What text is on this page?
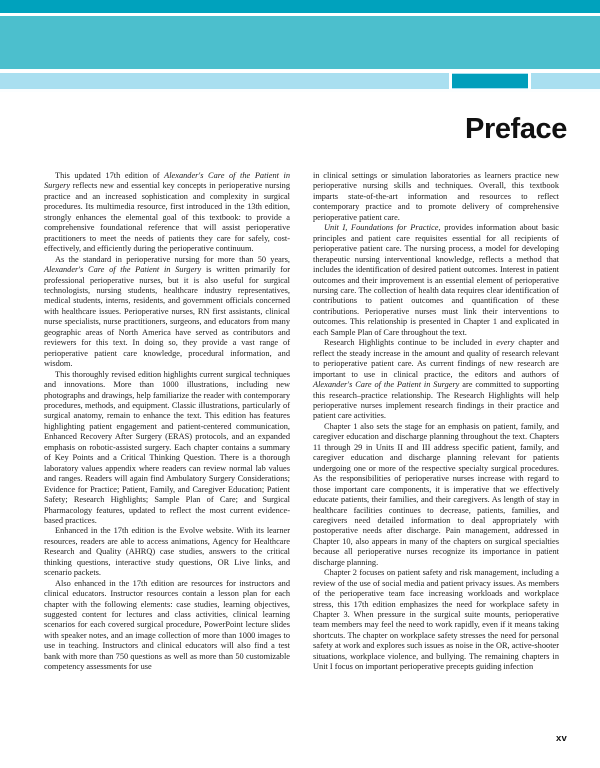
Preface

This updated 17th edition of Alexander's Care of the Patient in Surgery reflects new and essential key concepts in perioperative nursing practice and an increased sophistication and complexity in surgical procedures. Its multimedia resource, first introduced in the 13th edition, strongly enhances the elemental goal of this textbook: to provide a comprehensive foundational reference that will assist perioperative practitioners to meet the needs of patients they care for safely, cost-effectively, and efficiently during the perioperative continuum.

As the standard in perioperative nursing for more than 50 years, Alexander's Care of the Patient in Surgery is written primarily for professional perioperative nurses, but it is also useful for surgical technologists, nursing students, healthcare industry representatives, medical students, interns, residents, and government officials concerned with healthcare issues. Perioperative nurses, RN first assistants, clinical nurse specialists, nurse practitioners, surgeons, and educators from many geographic areas of North America have served as contributors and reviewers for this text. In doing so, they provide a vast range of perioperative patient care knowledge, procedural information, and wisdom.

This thoroughly revised edition highlights current surgical techniques and innovations. More than 1000 illustrations, including new photographs and drawings, help familiarize the reader with contemporary procedures, methods, and equipment. Classic illustrations, particularly of surgical anatomy, remain to enhance the text. This edition has features highlighting patient engagement and patient-centered communication, Enhanced Recovery After Surgery (ERAS) protocols, and an expanded emphasis on robotic-assisted surgery. Each chapter contains a summary of Key Points and a Critical Thinking Question. There is a thorough laboratory values appendix where readers can review normal lab values and ranges. Readers will again find Ambulatory Surgery Considerations; Evidence for Practice; Patient, Family, and Caregiver Education; Patient Safety; Research Highlights; Sample Plan of Care; and Surgical Pharmacology features, updated to reflect the most current evidence-based practices.

Enhanced in the 17th edition is the Evolve website. With its learner resources, readers are able to access animations, Agency for Healthcare Research and Quality (AHRQ) case studies, answers to the critical thinking questions, interactive study questions, OR Live links, and scenario packets.

Also enhanced in the 17th edition are resources for instructors and clinical educators. Instructor resources contain a lesson plan for each chapter with the following elements: case studies, learning objectives, suggested content for lectures and class activities, clinical learning scenarios for each covered surgical procedure, PowerPoint lecture slides with speaker notes, and an image collection of more than 1000 images to use in teaching. Instructors and clinical educators will also find a test bank with more than 750 questions as well as more than 50 customizable competency assessments for use

in clinical settings or simulation laboratories as learners practice new perioperative nursing skills and techniques. Overall, this textbook imparts state-of-the-art information and resources to reflect contemporary practice and to promote delivery of comprehensive perioperative patient care.

Unit I, Foundations for Practice, provides information about basic principles and patient care requisites essential for all recipients of perioperative patient care. The nursing process, a model for developing therapeutic nursing interventional knowledge, reflects a method that includes the identification of desired patient outcomes. Interest in patient outcomes and their improvement is an essential element of perioperative nursing care. The collection of health data requires clear identification of contributions to patient outcomes and quantification of these contributions. Perioperative nurses must link their interventions to outcomes. This relationship is presented in Chapter 1 and explicated in each Sample Plan of Care throughout the text.

Research Highlights continue to be included in every chapter and reflect the steady increase in the amount and quality of research relevant to perioperative patient care. As current findings of new research are important to use in clinical practice, the editors and authors of Alexander's Care of the Patient in Surgery are committed to supporting this research–practice relationship. The Research Highlights will help perioperative nurses implement research findings in their practice and patient care activities.

Chapter 1 also sets the stage for an emphasis on patient, family, and caregiver education and discharge planning throughout the text. Chapters 11 through 29 in Units II and III address specific patient, family, and caregiver education and discharge planning relevant for patients undergoing one or more of the respective specialty surgical procedures. As the responsibilities of perioperative nurses increase with regard to those important care components, it is imperative that we effectively educate patients, their families, and their caregivers. As length of stay in healthcare facilities continues to decrease, patients, families, and caregivers need detailed information to deal appropriately with postoperative needs after discharge. Pain management, addressed in Chapter 10, also appears in many of the chapters on surgical specialties because all perioperative nurses recognize its importance in patient discharge planning.

Chapter 2 focuses on patient safety and risk management, including a review of the use of social media and patient privacy issues. As members of the perioperative team face increasing workloads and workplace stress, this 17th edition emphasizes the need for workplace safety in Chapter 3. When pressure in the surgical suite mounts, perioperative team members may feel the need to work rapidly, even if it means taking shortcuts. The chapter on workplace safety stresses the need for personal safety at work and explores such issues as noise in the OR, active-shooter situations, workplace violence, and bullying. The remaining chapters in Unit I focus on important perioperative precepts guiding infection

xv
